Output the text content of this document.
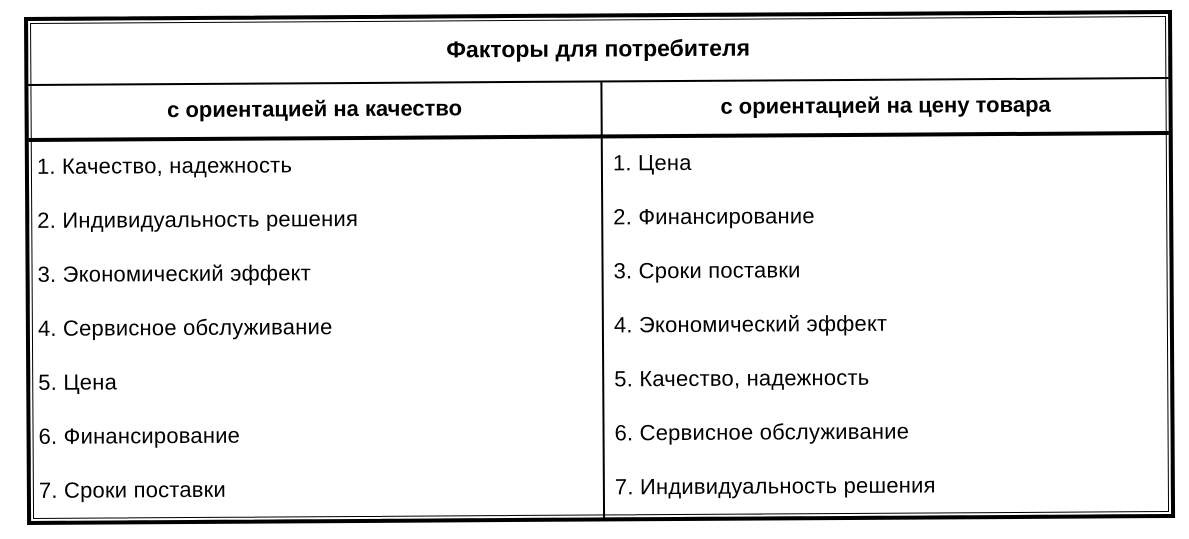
Факторы для потребителя
с ориентацией на качество	с ориентацией на цену товара
1. Качество, надежность
2. Индивидуальность решения
3. Экономический эффект
4. Сервисное обслуживание
5. Цена
6. Финансирование
7. Сроки поставки
1. Цена
2. Финансирование
3. Сроки поставки
4. Экономический эффект
5. Качество, надежность
6. Сервисное обслуживание
7. Индивидуальность решения
